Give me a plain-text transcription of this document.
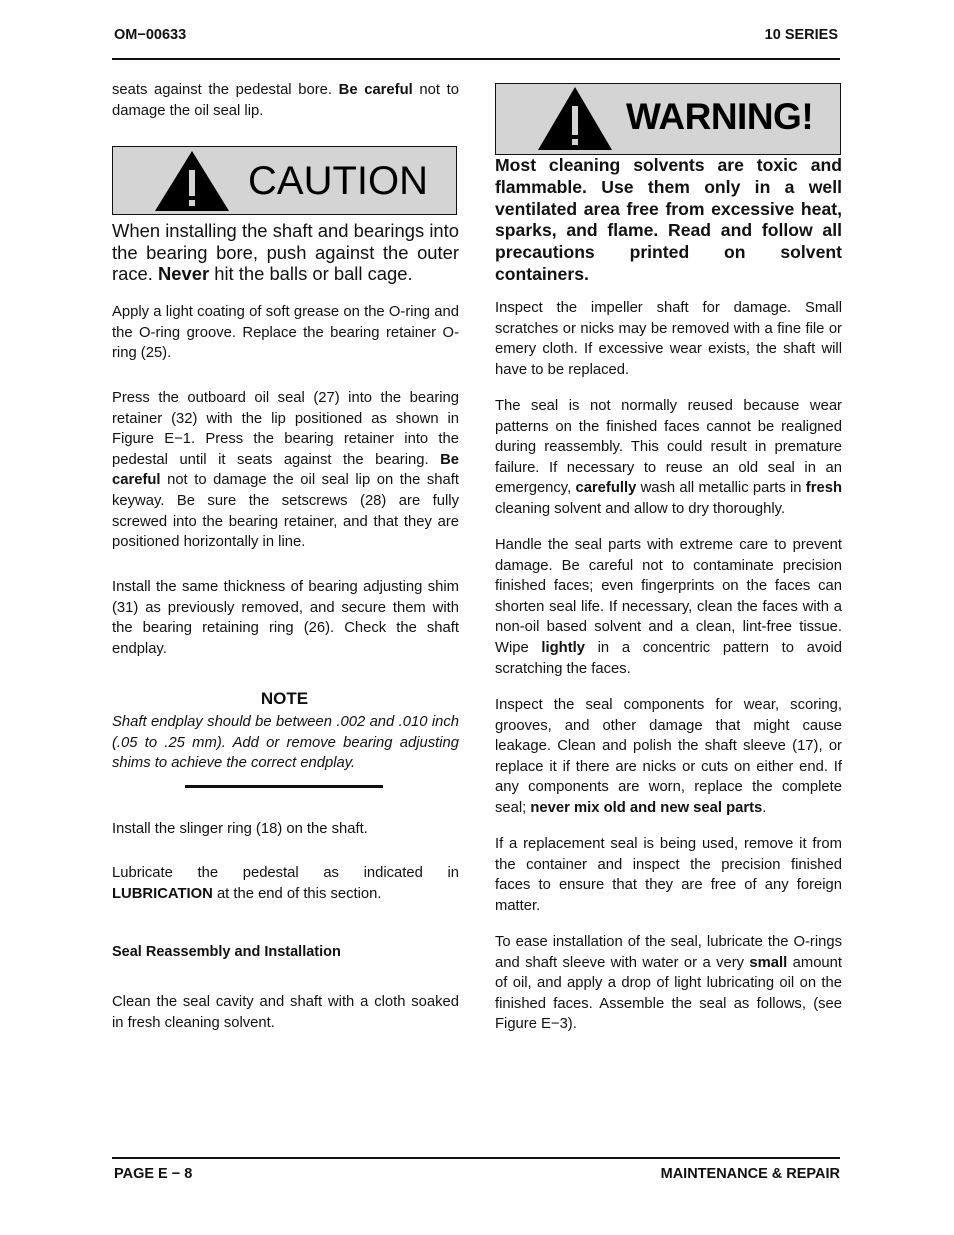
OM−00633	10 SERIES

seats against the pedestal bore. Be careful not to damage the oil seal lip.

CAUTION

When installing the shaft and bearings into the bearing bore, push against the outer race. Never hit the balls or ball cage.

Apply a light coating of soft grease on the O-ring and the O-ring groove. Replace the bearing retainer O-ring (25).

Press the outboard oil seal (27) into the bearing retainer (32) with the lip positioned as shown in Figure E−1. Press the bearing retainer into the pedestal until it seats against the bearing. Be careful not to damage the oil seal lip on the shaft keyway. Be sure the setscrews (28) are fully screwed into the bearing retainer, and that they are positioned horizontally in line.

Install the same thickness of bearing adjusting shim (31) as previously removed, and secure them with the bearing retaining ring (26). Check the shaft endplay.

NOTE

Shaft endplay should be between .002 and .010 inch (.05 to .25 mm). Add or remove bearing adjusting shims to achieve the correct endplay.

Install the slinger ring (18) on the shaft.

Lubricate the pedestal as indicated in LUBRICATION at the end of this section.

Seal Reassembly and Installation

Clean the seal cavity and shaft with a cloth soaked in fresh cleaning solvent.

WARNING!

Most cleaning solvents are toxic and flammable. Use them only in a well ventilated area free from excessive heat, sparks, and flame. Read and follow all precautions printed on solvent containers.

Inspect the impeller shaft for damage. Small scratches or nicks may be removed with a fine file or emery cloth. If excessive wear exists, the shaft will have to be replaced.

The seal is not normally reused because wear patterns on the finished faces cannot be realigned during reassembly. This could result in premature failure. If necessary to reuse an old seal in an emergency, carefully wash all metallic parts in fresh cleaning solvent and allow to dry thoroughly.

Handle the seal parts with extreme care to prevent damage. Be careful not to contaminate precision finished faces; even fingerprints on the faces can shorten seal life. If necessary, clean the faces with a non-oil based solvent and a clean, lint-free tissue. Wipe lightly in a concentric pattern to avoid scratching the faces.

Inspect the seal components for wear, scoring, grooves, and other damage that might cause leakage. Clean and polish the shaft sleeve (17), or replace it if there are nicks or cuts on either end. If any components are worn, replace the complete seal; never mix old and new seal parts.

If a replacement seal is being used, remove it from the container and inspect the precision finished faces to ensure that they are free of any foreign matter.

To ease installation of the seal, lubricate the O-rings and shaft sleeve with water or a very small amount of oil, and apply a drop of light lubricating oil on the finished faces. Assemble the seal as follows, (see Figure E−3).

PAGE E − 8	MAINTENANCE & REPAIR
